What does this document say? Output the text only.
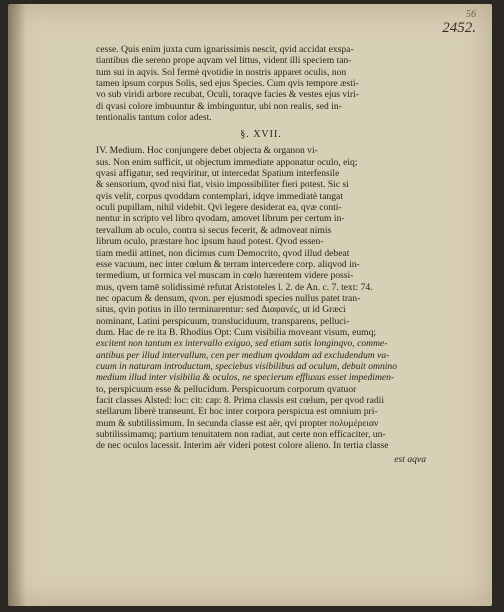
56
2452.
cesse. Quis enim juxta cum ignarissimis nescit, qvid accidat exspa-
tiantibus die sereno prope aqvam vel littus, vident illi speciem tan-
tum sui in aqvis. Sol fermè qvotidie in nostris apparet oculis, non
tamen ipsum corpus Solis, sed ejus Species. Cum qvis tempore æsti-
vo sub viridi arbore recubat, Oculi, toraqve facies & vestes ejus viri-
di qvasi colore imbuuntur & imbinguntur, ubi non realis, sed in-
tentionalis tantum color adest.
§. XVII.
IV. Medium. Hoc conjungere debet objecta & organon vi-
sus. Non enim sufficit, ut objectum immediate apponatur oculo, eiq;
qvasi affigatur, sed reqviritur, ut intercedat Spatium interfensile
& sensorium, qvod nisi fiat, visio impossibiliter fieri potest. Sic si
qvis velit, corpus qvoddam contemplari, idqve immediatè tangat
oculi pupillam, nihil videbit. Qvi legere desiderat ea, qvæ conti-
nentur in scripto vel libro qvodam, amovet librum per certum in-
tervallum ab oculo, contra si secus fecerit, & admoveat nimis
librum oculo, præstare hoc ipsum haud potest. Qvod essen-
tiam medii attinet, non dicimus cum Democrito, qvod illud debeat
esse vacuum, nec inter cœlum & terram intercedere corp. aliqvod in-
termedium, ut formica vel muscam in cœlo hærentem videre possi-
mus, qvem tamē solidissimè refutat Aristoteles l. 2. de An. c. 7. text: 74.
nec opacum & densum, qvon. per ejusmodi species nullus patet tran-
situs, qvin potius in illo terminarentur: sed Διαφανές, ut id Græci
nominant, Latini perspicuum, transluciduum, transparens, pelluci-
dum. Hac de re ita B. Rhodius Opt: Cum visibilia moveant visum, eumq;
excitent non tantum ex intervallo exiguo, sed etiam satis longinqvo, comme-
antibus per illud intervallum, cen per medium qvoddam ad excludendum va-
cuum in naturam introductum, speciebus visibilibus ad oculum, debuit omnino
medium illud inter visibilia & oculos, ne specierum effluxus esset impedimen-
to, perspicuum esse & pellucidum. Perspicuorum corporum qvatuor
facit classes Alsted: loc: cit: cap: 8. Prima classis est cœlum, per qvod radii
stellarum liberè transeunt. Et hoc inter corpora perspicua est omnium pri-
mum & subtilissimum. In secunda classe est aër, qvi propter πολυμέρειαν
subtilissimamq; partium tenuitatem non radiat, aut certe non efficaciter, un-
de nec oculos lacessit. Interim aër videri potest colore alieno. In tertia classe
est aqva
